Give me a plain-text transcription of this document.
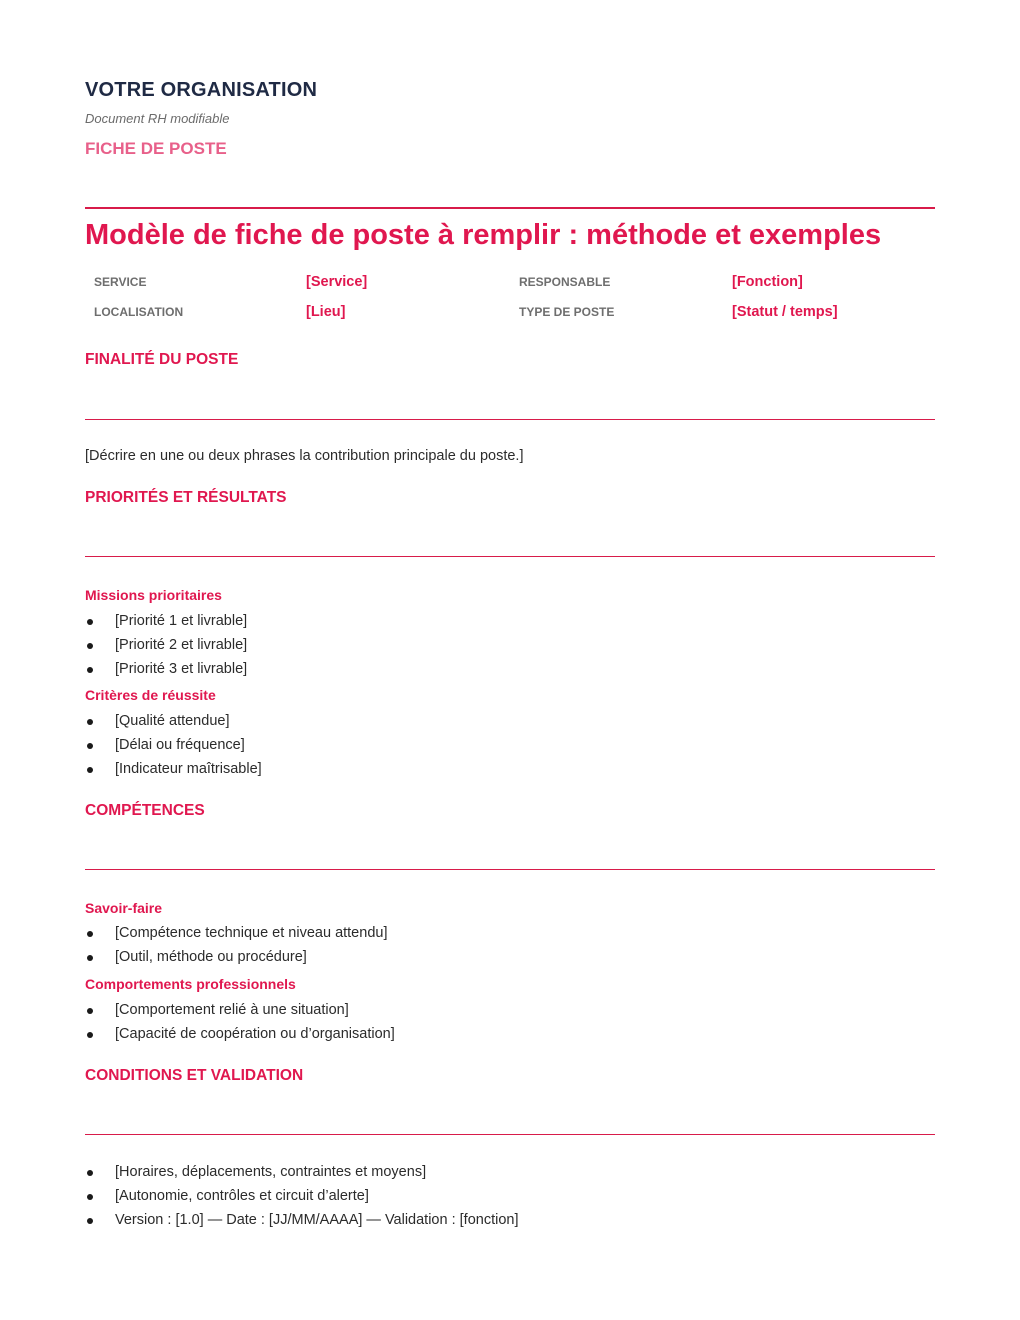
VOTRE ORGANISATION
Document RH modifiable
FICHE DE POSTE
Modèle de fiche de poste à remplir : méthode et exemples
SERVICE	[Service]	RESPONSABLE	[Fonction]
LOCALISATION	[Lieu]	TYPE DE POSTE	[Statut / temps]
FINALITÉ DU POSTE
[Décrire en une ou deux phrases la contribution principale du poste.]
PRIORITÉS ET RÉSULTATS
Missions prioritaires
[Priorité 1 et livrable]
[Priorité 2 et livrable]
[Priorité 3 et livrable]
Critères de réussite
[Qualité attendue]
[Délai ou fréquence]
[Indicateur maîtrisable]
COMPÉTENCES
Savoir-faire
[Compétence technique et niveau attendu]
[Outil, méthode ou procédure]
Comportements professionnels
[Comportement relié à une situation]
[Capacité de coopération ou d’organisation]
CONDITIONS ET VALIDATION
[Horaires, déplacements, contraintes et moyens]
[Autonomie, contrôles et circuit d’alerte]
Version : [1.0] — Date : [JJ/MM/AAAA] — Validation : [fonction]
